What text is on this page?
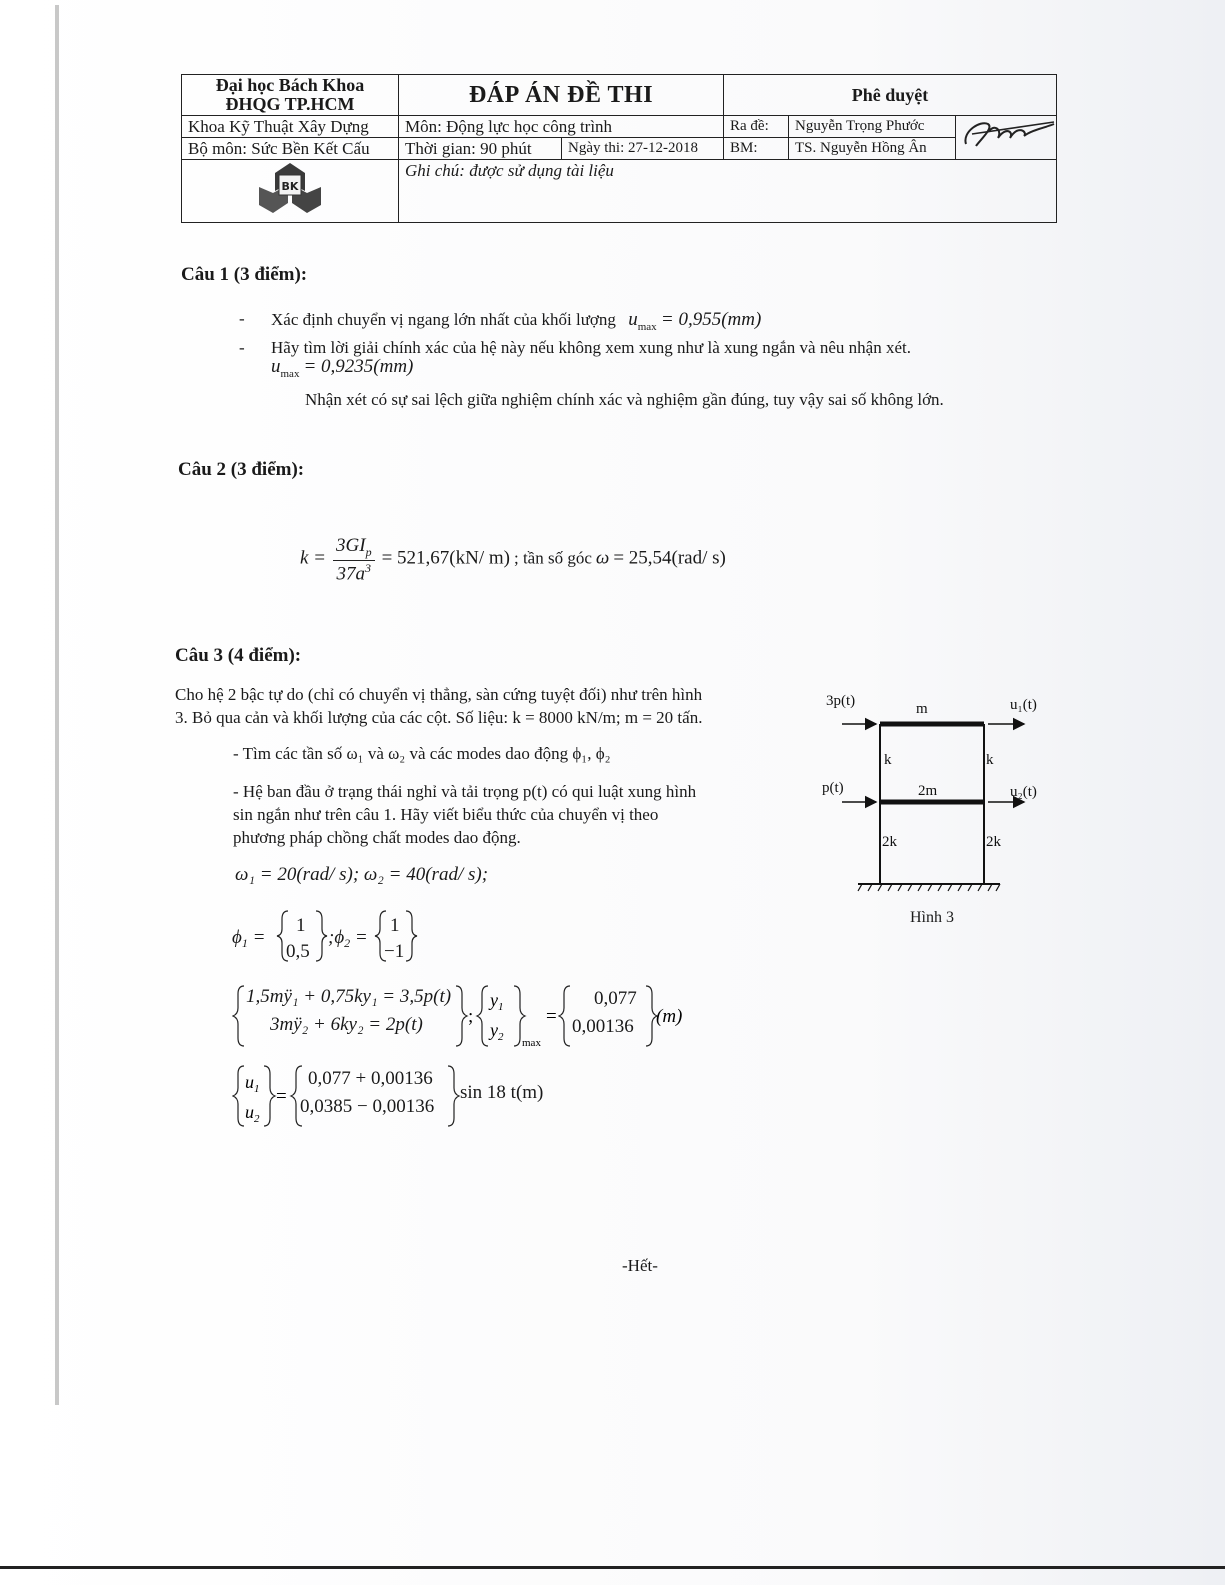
Đại học Bách Khoa
ĐHQG TP.HCM	ĐÁP ÁN ĐỀ THI		Phê duyệt		
Khoa Kỹ Thuật Xây Dựng	Môn: Động lực học công trình		Ra đề:	Nguyễn Trọng Phước	
Bộ môn: Sức Bền Kết Cấu	Thời gian: 90 phút	Ngày thi: 27-12-2018	BM:	TS. Nguyễn Hồng Ân	

BK	Ghi chú: được sử dụng tài liệu				
Câu 1 (3 điểm):
- Xác định chuyển vị ngang lớn nhất của khối lượng $u_{max} = 0,955(mm)$
- Hãy tìm lời giải chính xác của hệ này nếu không xem xung như là xung ngắn và nêu nhận xét.
$u_{max} = 0,9235(mm)$
Nhận xét có sự sai lệch giữa nghiệm chính xác và nghiệm gần đúng, tuy vậy sai số không lớn.
Câu 2 (3 điểm):
$k = \frac{3GI_p}{37a^3} = 521,67(kN/$ m) ; tần số góc ω = 25,54(rad/ s)
Câu 3 (4 điểm):
Cho hệ 2 bậc tự do (chỉ có chuyển vị thẳng, sàn cứng tuyệt đối) như trên hình
3. Bỏ qua cản và khối lượng của các cột. Số liệu: k = 8000 kN/m; m = 20 tấn.
- Tìm các tần số ω₁ và ω₂ và các modes dao động ϕ₁, ϕ₂
- Hệ ban đầu ở trạng thái nghỉ và tải trọng p(t) có qui luật xung hình
sin ngắn như trên câu 1. Hãy viết biểu thức của chuyển vị theo
phương pháp chồng chất modes dao động.
ω₁ = 20(rad/ s); ω₂ = 40(rad/ s);
$\phi_1$ =
1
0,5
$;\phi_2$ =
1
−1
1,5mÿ₁ + 0,75ky₁ = 3,5p(t)
3mÿ₂ + 6ky₂ = 2p(t) ;
$y_1$
$y_2$ max
=
0,077
0,00136 (m)
$u_1$
$u_2$
=
0,077 + 0,00136
0,0385 − 0,00136
sin 18 t(m)
3p(t)	m	u₁(t)
k	k
p(t)	2m	u₂(t)
2k	2k
Hình 3
-Hết-
